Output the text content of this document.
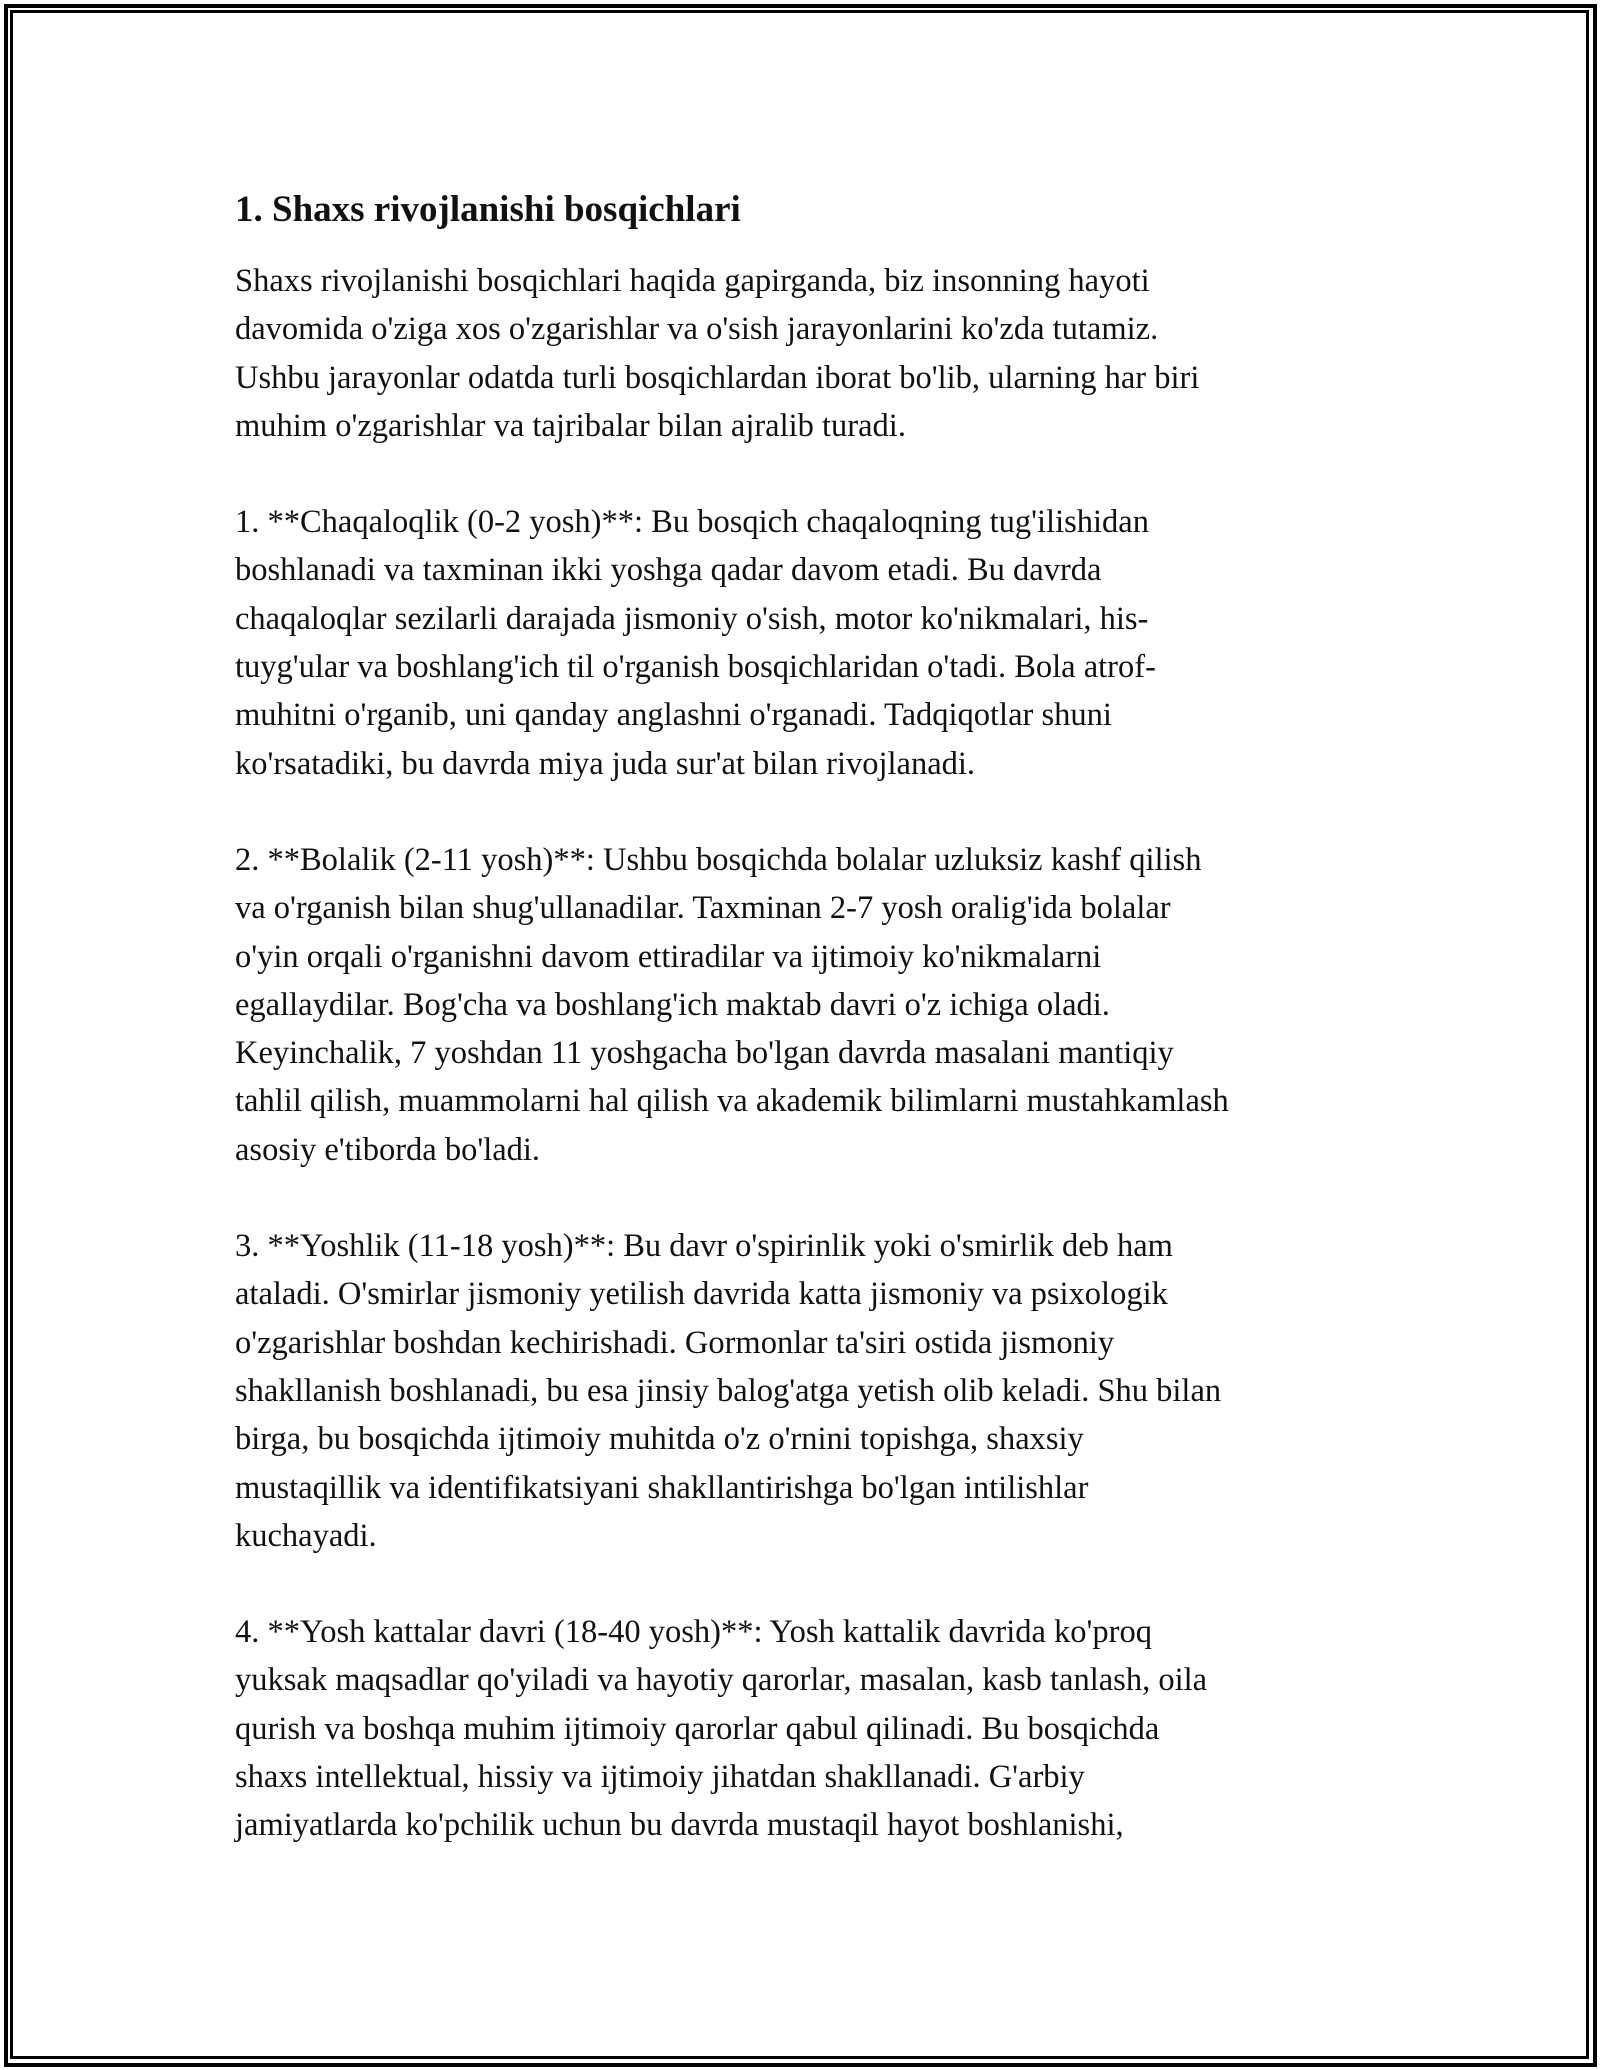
1. Shaxs rivojlanishi bosqichlari

Shaxs rivojlanishi bosqichlari haqida gapirganda, biz insonning hayoti
davomida o'ziga xos o'zgarishlar va o'sish jarayonlarini ko'zda tutamiz.
Ushbu jarayonlar odatda turli bosqichlardan iborat bo'lib, ularning har biri
muhim o'zgarishlar va tajribalar bilan ajralib turadi.

1. **Chaqaloqlik (0-2 yosh)**: Bu bosqich chaqaloqning tug'ilishidan
boshlanadi va taxminan ikki yoshga qadar davom etadi. Bu davrda
chaqaloqlar sezilarli darajada jismoniy o'sish, motor ko'nikmalari, his-
tuyg'ular va boshlang'ich til o'rganish bosqichlaridan o'tadi. Bola atrof-
muhitni o'rganib, uni qanday anglashni o'rganadi. Tadqiqotlar shuni
ko'rsatadiki, bu davrda miya juda sur'at bilan rivojlanadi.

2. **Bolalik (2-11 yosh)**: Ushbu bosqichda bolalar uzluksiz kashf qilish
va o'rganish bilan shug'ullanadilar. Taxminan 2-7 yosh oralig'ida bolalar
o'yin orqali o'rganishni davom ettiradilar va ijtimoiy ko'nikmalarni
egallaydilar. Bog'cha va boshlang'ich maktab davri o'z ichiga oladi.
Keyinchalik, 7 yoshdan 11 yoshgacha bo'lgan davrda masalani mantiqiy
tahlil qilish, muammolarni hal qilish va akademik bilimlarni mustahkamlash
asosiy e'tiborda bo'ladi.

3. **Yoshlik (11-18 yosh)**: Bu davr o'spirinlik yoki o'smirlik deb ham
ataladi. O'smirlar jismoniy yetilish davrida katta jismoniy va psixologik
o'zgarishlar boshdan kechirishadi. Gormonlar ta'siri ostida jismoniy
shakllanish boshlanadi, bu esa jinsiy balog'atga yetish olib keladi. Shu bilan
birga, bu bosqichda ijtimoiy muhitda o'z o'rnini topishga, shaxsiy
mustaqillik va identifikatsiyani shakllantirishga bo'lgan intilishlar
kuchayadi.

4. **Yosh kattalar davri (18-40 yosh)**: Yosh kattalik davrida ko'proq
yuksak maqsadlar qo'yiladi va hayotiy qarorlar, masalan, kasb tanlash, oila
qurish va boshqa muhim ijtimoiy qarorlar qabul qilinadi. Bu bosqichda
shaxs intellektual, hissiy va ijtimoiy jihatdan shakllanadi. G'arbiy
jamiyatlarda ko'pchilik uchun bu davrda mustaqil hayot boshlanishi,
